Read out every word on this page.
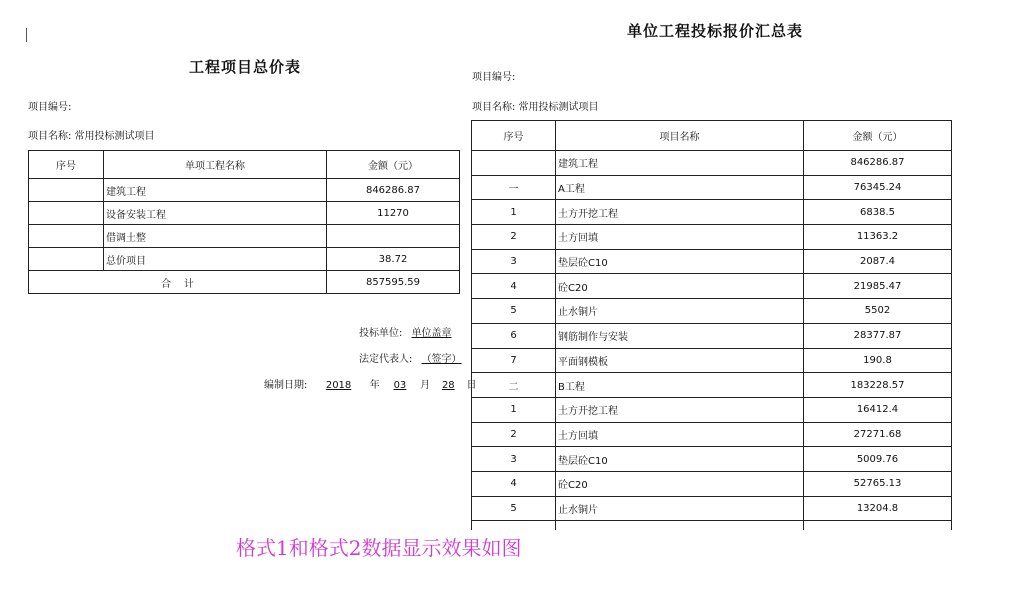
工程项目总价表
项目编号:
项目名称: 常用投标测试项目
序号	单项工程名称	金额（元）
	建筑工程	846286.87
	设备安装工程	11270
	借调土整	
	总价项目	38.72
合    计		857595.59
投标单位: 单位盖章
法定代表人: （签字）
编制日期: 2018 年 03 月 28 日
单位工程投标报价汇总表
项目编号:
项目名称: 常用投标测试项目
序号	项目名称	金额（元）
	建筑工程	846286.87
一	A工程	76345.24
1	土方开挖工程	6838.5
2	土方回填	11363.2
3	垫层砼C10	2087.4
4	砼C20	21985.47
5	止水铜片	5502
6	钢筋制作与安装	28377.87
7	平面钢模板	190.8
二	B工程	183228.57
1	土方开挖工程	16412.4
2	土方回填	27271.68
3	垫层砼C10	5009.76
4	砼C20	52765.13
5	止水铜片	13204.8

格式1和格式2数据显示效果如图
